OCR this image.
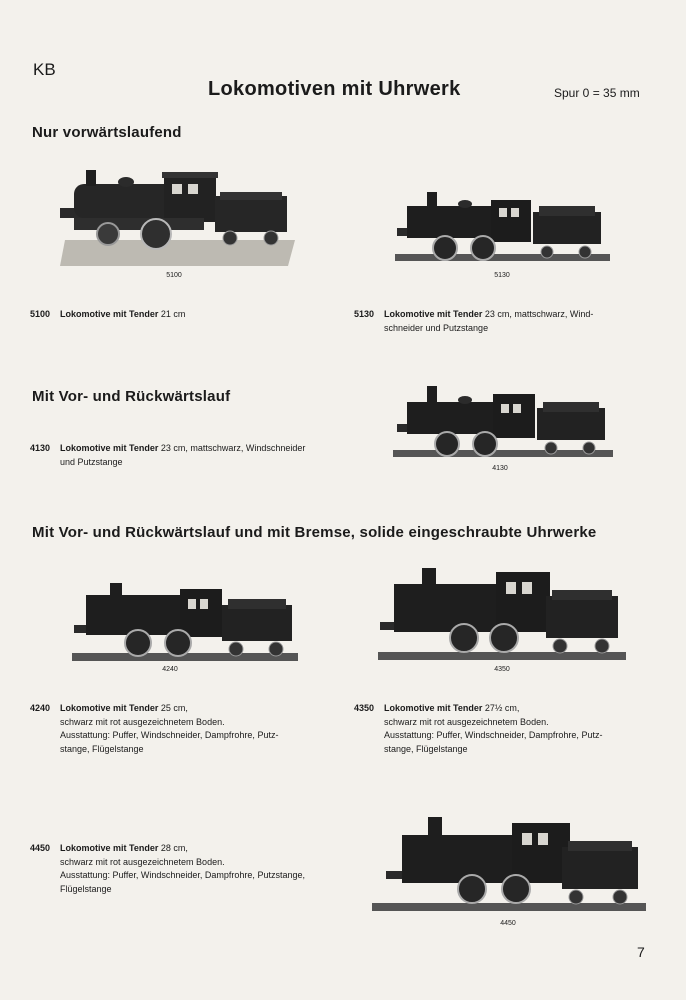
KB
Lokomotiven mit Uhrwerk	Spur 0 = 35 mm
Nur vorwärtslaufend
5100	5130
5100 Lokomotive mit Tender 21 cm	5130 Lokomotive mit Tender 23 cm, mattschwarz, Wind-
schneider und Putzstange
Mit Vor- und Rückwärtslauf
4130 Lokomotive mit Tender 23 cm, mattschwarz, Windschneider
und Putzstange
4130
Mit Vor- und Rückwärtslauf und mit Bremse, solide eingeschraubte Uhrwerke
4240	4350
4240 Lokomotive mit Tender 25 cm,
schwarz mit rot ausgezeichnetem Boden.
Ausstattung: Puffer, Windschneider, Dampfrohre, Putz-
stange, Flügelstange
4350 Lokomotive mit Tender 27½ cm,
schwarz mit rot ausgezeichnetem Boden.
Ausstattung: Puffer, Windschneider, Dampfrohre, Putz-
stange, Flügelstange
4450 Lokomotive mit Tender 28 cm,
schwarz mit rot ausgezeichnetem Boden.
Ausstattung: Puffer, Windschneider, Dampfrohre, Putzstange,
Flügelstange
4450
7
